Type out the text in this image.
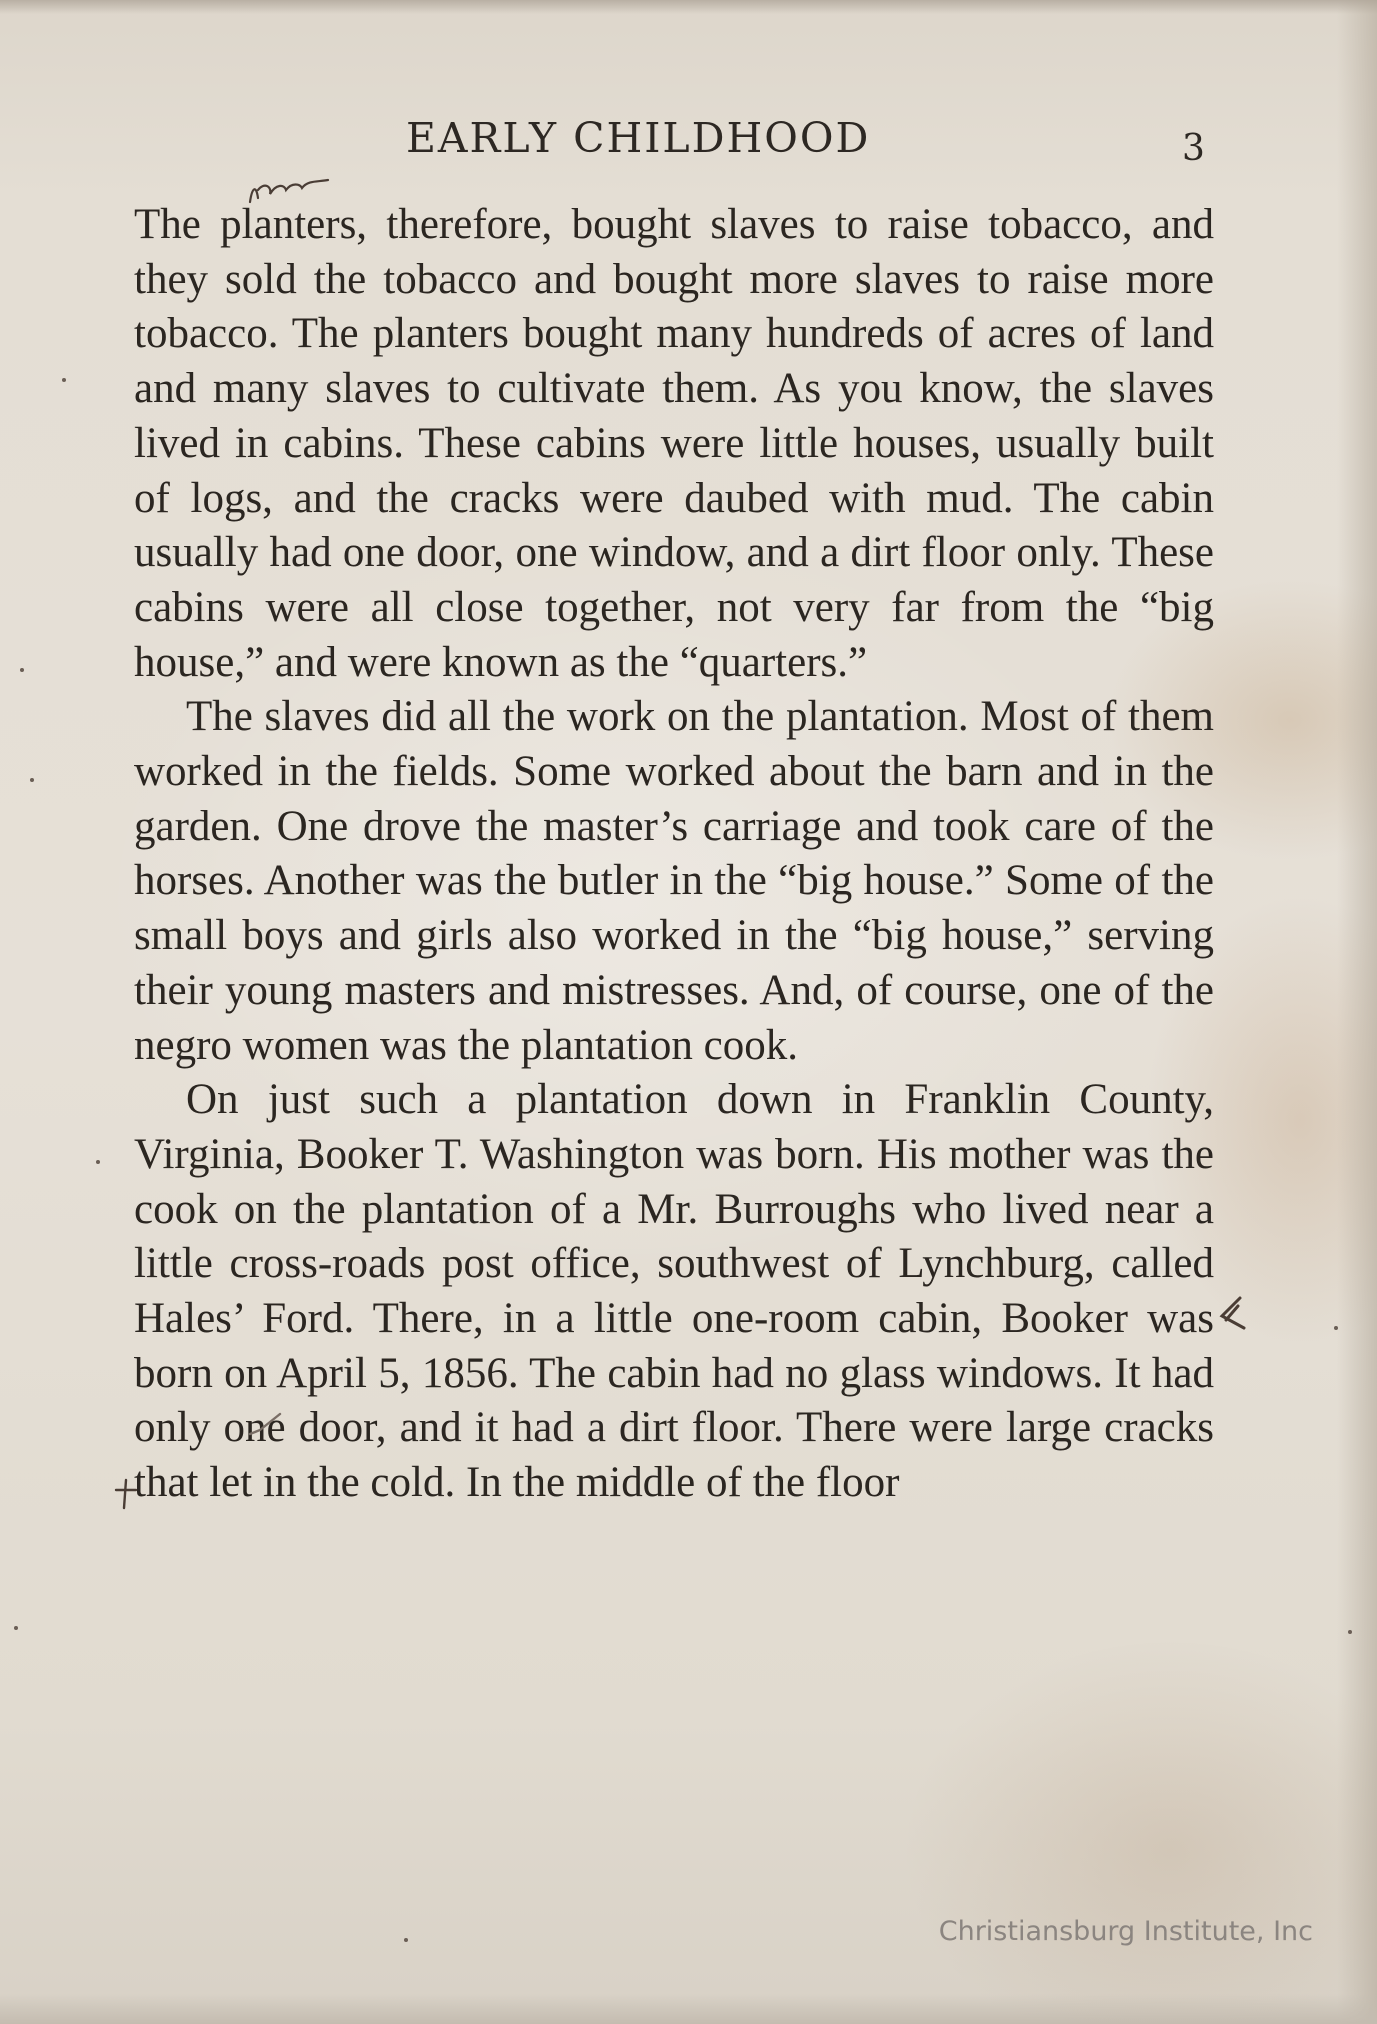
EARLY CHILDHOOD	3

The planters, therefore, bought slaves to raise tobacco, and they sold the tobacco and bought more slaves to raise more tobacco. The planters bought many hundreds of acres of land and many slaves to cultivate them. As you know, the slaves lived in cabins. These cabins were little houses, usually built of logs, and the cracks were daubed with mud. The cabin usually had one door, one window, and a dirt floor only. These cabins were all close together, not very far from the “big house,” and were known as the “quarters.”

The slaves did all the work on the plantation. Most of them worked in the fields. Some worked about the barn and in the garden. One drove the master’s carriage and took care of the horses. Another was the butler in the “big house.” Some of the small boys and girls also worked in the “big house,” serving their young masters and mistresses. And, of course, one of the negro women was the plantation cook.

On just such a plantation down in Franklin County, Virginia, Booker T. Washington was born. His mother was the cook on the plantation of a Mr. Burroughs who lived near a little cross-roads post office, southwest of Lynchburg, called Hales’ Ford. There, in a little one-room cabin, Booker was born on April 5, 1856. The cabin had no glass windows. It had only one door, and it had a dirt floor. There were large cracks that let in the cold. In the middle of the floor

Christiansburg Institute, Inc
